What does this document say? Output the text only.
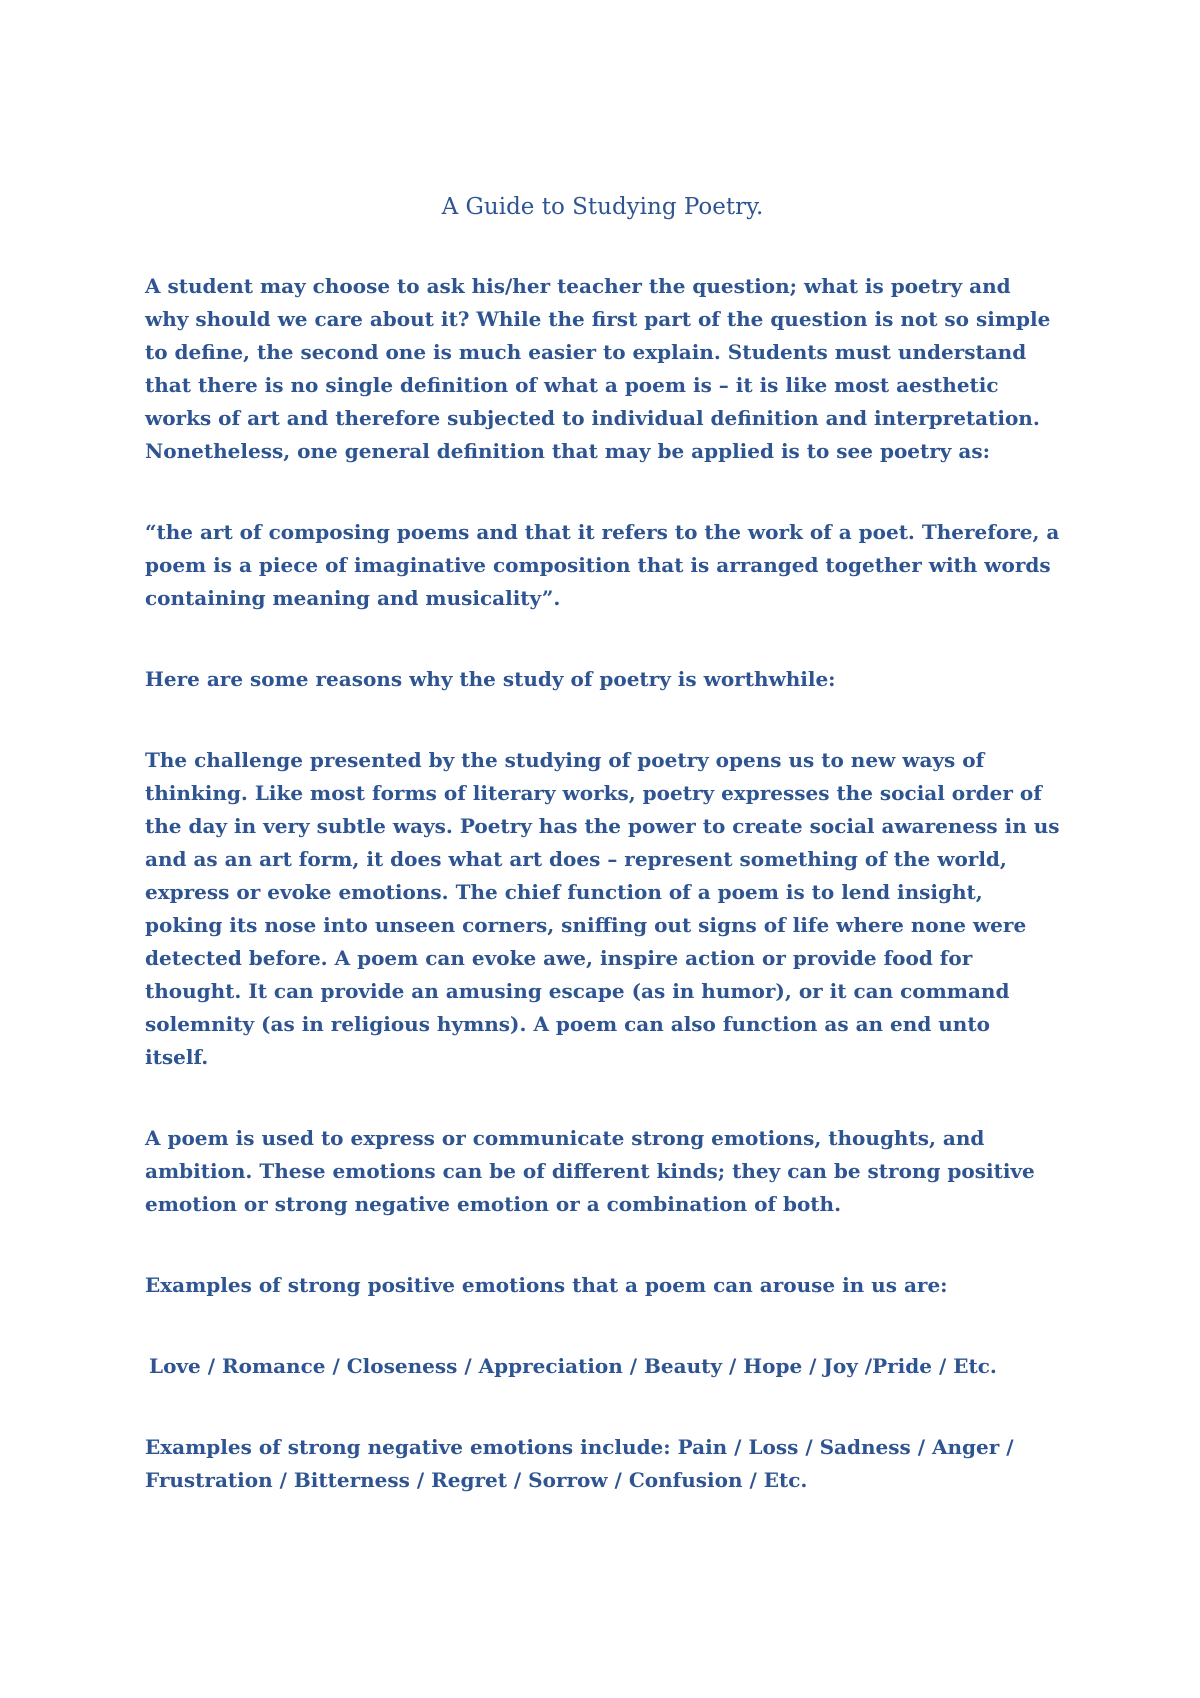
A Guide to Studying Poetry.
A student may choose to ask his/her teacher the question; what is poetry and why should we care about it? While the first part of the question is not so simple to define, the second one is much easier to explain. Students must understand that there is no single definition of what a poem is – it is like most aesthetic works of art and therefore subjected to individual definition and interpretation. Nonetheless, one general definition that may be applied is to see poetry as:
“the art of composing poems and that it refers to the work of a poet. Therefore, a poem is a piece of imaginative composition that is arranged together with words containing meaning and musicality”.
Here are some reasons why the study of poetry is worthwhile:
The challenge presented by the studying of poetry opens us to new ways of thinking. Like most forms of literary works, poetry expresses the social order of the day in very subtle ways. Poetry has the power to create social awareness in us and as an art form, it does what art does – represent something of the world, express or evoke emotions. The chief function of a poem is to lend insight, poking its nose into unseen corners, sniffing out signs of life where none were detected before. A poem can evoke awe, inspire action or provide food for thought. It can provide an amusing escape (as in humor), or it can command solemnity (as in religious hymns). A poem can also function as an end unto itself.
A poem is used to express or communicate strong emotions, thoughts, and ambition. These emotions can be of different kinds; they can be strong positive emotion or strong negative emotion or a combination of both.
Examples of strong positive emotions that a poem can arouse in us are:
Love / Romance / Closeness / Appreciation / Beauty / Hope / Joy /Pride / Etc.
Examples of strong negative emotions include: Pain / Loss / Sadness / Anger / Frustration / Bitterness / Regret / Sorrow / Confusion / Etc.
